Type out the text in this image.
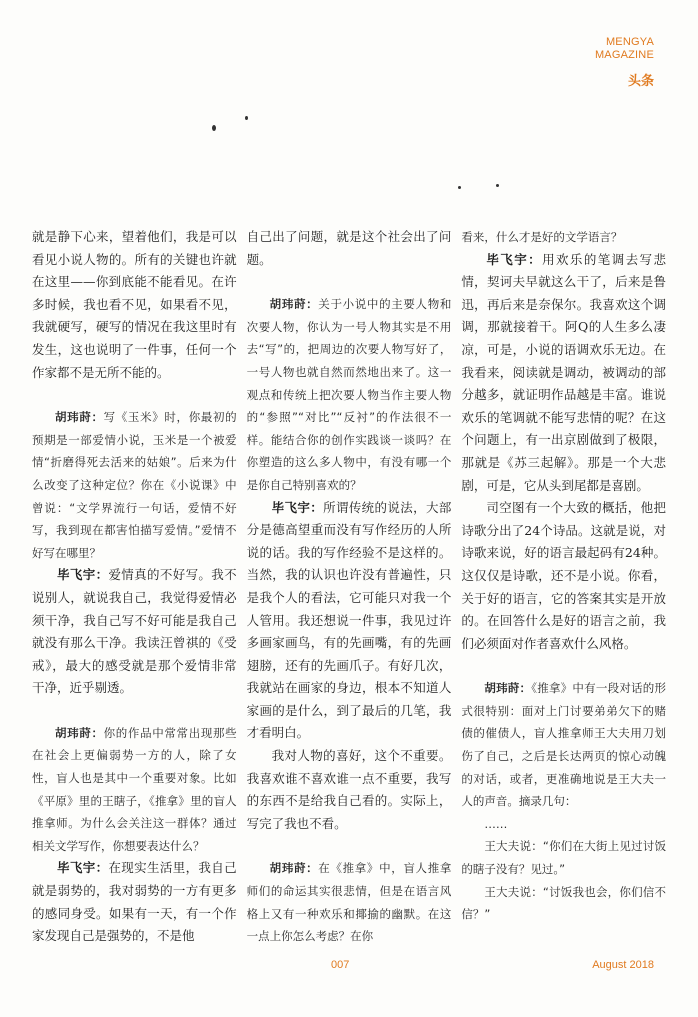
MENGYA
MAGAZINE
头条

就是静下心来，望着他们，我是可以看见小说人物的。所有的关键也许就在这里——你到底能不能看见。在许多时候，我也看不见，如果看不见，我就硬写，硬写的情况在我这里时有发生，这也说明了一件事，任何一个作家都不是无所不能的。

胡玮莳：写《玉米》时，你最初的预期是一部爱情小说，玉米是一个被爱情“折磨得死去活来的姑娘”。后来为什么改变了这种定位？你在《小说课》中曾说：“文学界流行一句话，爱情不好写，我到现在都害怕描写爱情。”爱情不好写在哪里？

毕飞宇：爱情真的不好写。我不说别人，就说我自己，我觉得爱情必须干净，我自己写不好可能是我自己就没有那么干净。我读汪曾祺的《受戒》，最大的感受就是那个爱情非常干净，近乎剔透。

胡玮莳：你的作品中常常出现那些在社会上更偏弱势一方的人，除了女性，盲人也是其中一个重要对象。比如《平原》里的王瞎子，《推拿》里的盲人推拿师。为什么会关注这一群体？通过相关文学写作，你想要表达什么？

毕飞宇：在现实生活里，我自己就是弱势的，我对弱势的一方有更多的感同身受。如果有一天，有一个作家发现自己是强势的，不是他

自己出了问题，就是这个社会出了问题。

胡玮莳：关于小说中的主要人物和次要人物，你认为一号人物其实是不用去“写”的，把周边的次要人物写好了，一号人物也就自然而然地出来了。这一观点和传统上把次要人物当作主要人物的“参照”“对比”“反衬”的作法很不一样。能结合你的创作实践谈一谈吗？在你塑造的这么多人物中，有没有哪一个是你自己特别喜欢的？

毕飞宇：所谓传统的说法，大部分是德高望重而没有写作经历的人所说的话。我的写作经验不是这样的。当然，我的认识也许没有普遍性，只是我个人的看法，它可能只对我一个人管用。我还想说一件事，我见过许多画家画鸟，有的先画嘴，有的先画翅膀，还有的先画爪子。有好几次，我就站在画家的身边，根本不知道人家画的是什么，到了最后的几笔，我才看明白。

我对人物的喜好，这个不重要。我喜欢谁不喜欢谁一点不重要，我写的东西不是给我自己看的。实际上，写完了我也不看。

胡玮莳：在《推拿》中，盲人推拿师们的命运其实很悲情，但是在语言风格上又有一种欢乐和揶揄的幽默。在这一点上你怎么考虑？在你

看来，什么才是好的文学语言？

毕飞宇：用欢乐的笔调去写悲情，契诃夫早就这么干了，后来是鲁迅，再后来是奈保尔。我喜欢这个调调，那就接着干。阿Q的人生多么凄凉，可是，小说的语调欢乐无边。在我看来，阅读就是调动，被调动的部分越多，就证明作品越是丰富。谁说欢乐的笔调就不能写悲情的呢？在这个问题上，有一出京剧做到了极限，那就是《苏三起解》。那是一个大悲剧，可是，它从头到尾都是喜剧。

司空图有一个大致的概括，他把诗歌分出了24个诗品。这就是说，对诗歌来说，好的语言最起码有24种。这仅仅是诗歌，还不是小说。你看，关于好的语言，它的答案其实是开放的。在回答什么是好的语言之前，我们必须面对作者喜欢什么风格。

胡玮莳：《推拿》中有一段对话的形式很特别：面对上门讨要弟弟欠下的赌债的催债人，盲人推拿师王大夫用刀划伤了自己，之后是长达两页的惊心动魄的对话，或者，更准确地说是王大夫一人的声音。摘录几句：

……

王大夫说：“你们在大街上见过讨饭的瞎子没有？见过。”

王大夫说：“讨饭我也会，你们信不信？”

007	August 2018
